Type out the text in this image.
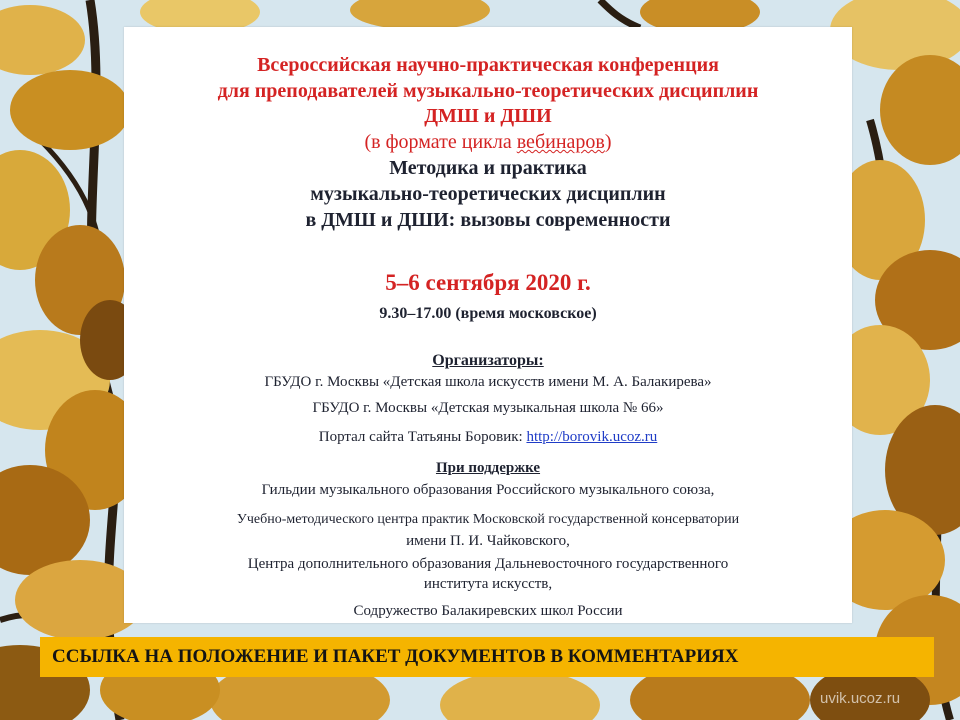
Всероссийская научно-практическая конференция
для преподавателей музыкально-теоретических дисциплин
ДМШ и ДШИ
(в формате цикла вебинаров)
Методика и практика
музыкально-теоретических дисциплин
в ДМШ и ДШИ: вызовы современности
5–6 сентября 2020 г.
9.30–17.00 (время московское)
Организаторы:
ГБУДО г. Москвы «Детская школа искусств имени М. А. Балакирева»
ГБУДО г. Москвы «Детская музыкальная школа № 66»
Портал сайта Татьяны Боровик: http://borovik.ucoz.ru
При поддержке
Гильдии музыкального образования Российского музыкального союза,
Учебно-методического центра практик Московской государственной консерватории
имени П. И. Чайковского,
Центра дополнительного образования Дальневосточного государственного
института искусств,
Содружество Балакиревских школ России
ССЫЛКА НА ПОЛОЖЕНИЕ И ПАКЕТ ДОКУМЕНТОВ В КОММЕНТАРИЯХ
uvik.ucoz.ru
